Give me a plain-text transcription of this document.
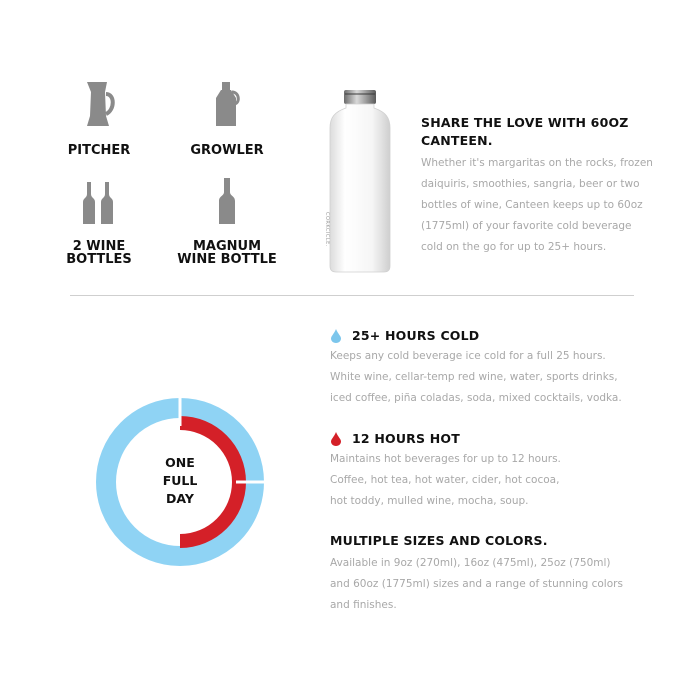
PITCHER	GROWLER
2 WINE
BOTTLES
MAGNUM
WINE BOTTLE
CORKCICLE.
SHARE THE LOVE WITH 60OZ
CANTEEN.
Whether it's margaritas on the rocks, frozen
daiquiris, smoothies, sangria, beer or two
bottles of wine, Canteen keeps up to 60oz
(1775ml) of your favorite cold beverage
cold on the go for up to 25+ hours.
ONE
FULL
DAY
25+ HOURS COLD
Keeps any cold beverage ice cold for a full 25 hours.
White wine, cellar-temp red wine, water, sports drinks,
iced coffee, piña coladas, soda, mixed cocktails, vodka.
12 HOURS HOT
Maintains hot beverages for up to 12 hours.
Coffee, hot tea, hot water, cider, hot cocoa,
hot toddy, mulled wine, mocha, soup.
MULTIPLE SIZES AND COLORS.
Available in 9oz (270ml), 16oz (475ml), 25oz (750ml)
and 60oz (1775ml) sizes and a range of stunning colors
and finishes.
